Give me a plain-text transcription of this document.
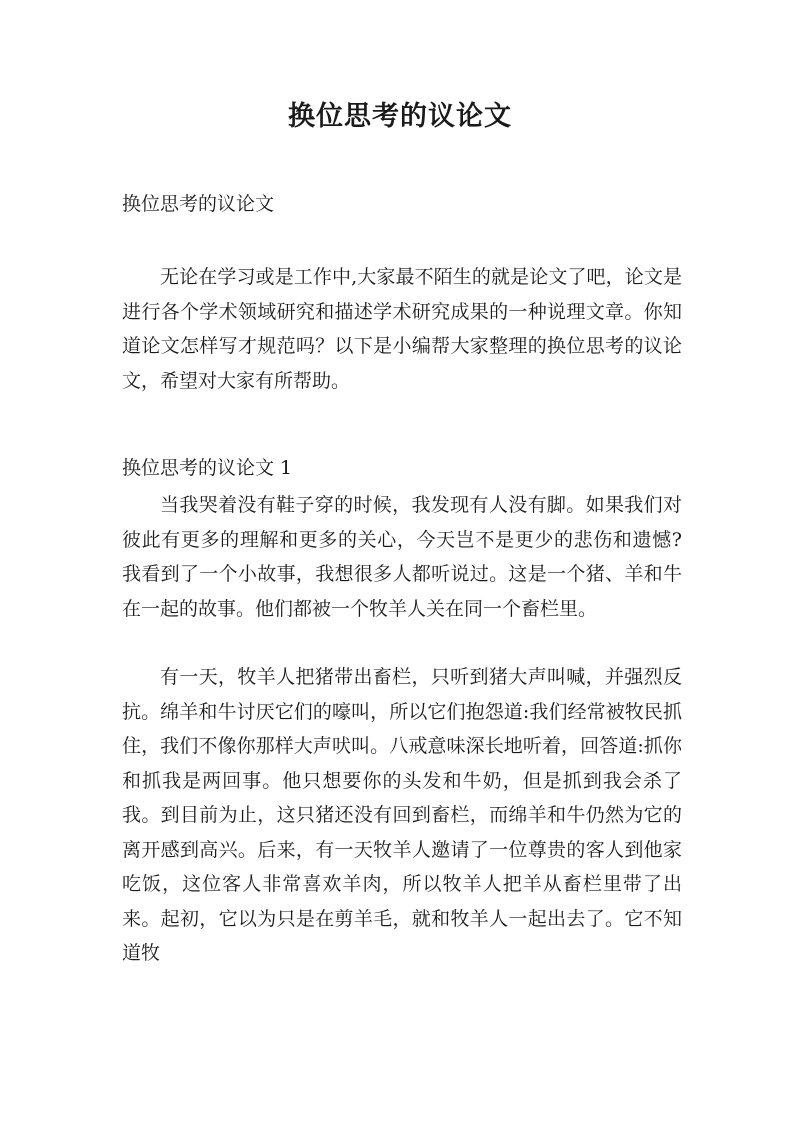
换位思考的议论文

换位思考的议论文

无论在学习或是工作中,大家最不陌生的就是论文了吧，论文是进行各个学术领域研究和描述学术研究成果的一种说理文章。你知道论文怎样写才规范吗？以下是小编帮大家整理的换位思考的议论文，希望对大家有所帮助。

换位思考的议论文 1

当我哭着没有鞋子穿的时候，我发现有人没有脚。如果我们对彼此有更多的理解和更多的关心，今天岂不是更少的悲伤和遗憾?我看到了一个小故事，我想很多人都听说过。这是一个猪、羊和牛在一起的故事。他们都被一个牧羊人关在同一个畜栏里。

有一天，牧羊人把猪带出畜栏，只听到猪大声叫喊，并强烈反抗。绵羊和牛讨厌它们的嚎叫，所以它们抱怨道:我们经常被牧民抓住，我们不像你那样大声吠叫。八戒意味深长地听着，回答道:抓你和抓我是两回事。他只想要你的头发和牛奶，但是抓到我会杀了我。到目前为止，这只猪还没有回到畜栏，而绵羊和牛仍然为它的离开感到高兴。后来，有一天牧羊人邀请了一位尊贵的客人到他家吃饭，这位客人非常喜欢羊肉，所以牧羊人把羊从畜栏里带了出来。起初，它以为只是在剪羊毛，就和牧羊人一起出去了。它不知道牧
